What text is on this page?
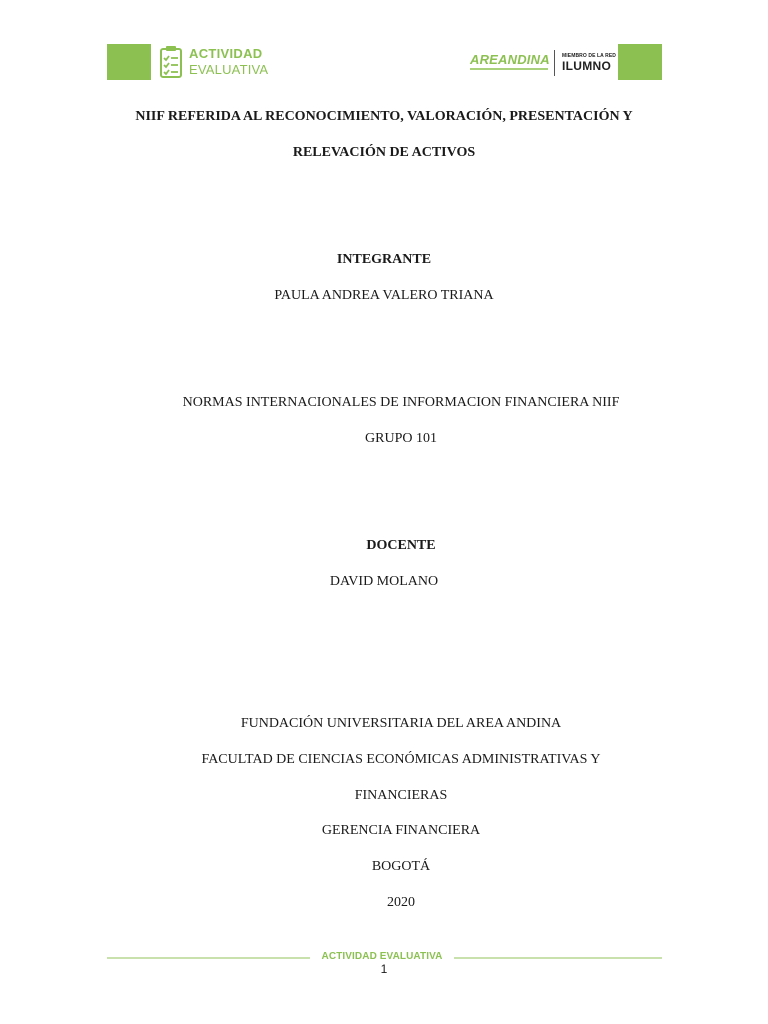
ACTIVIDAD
EVALUATIVA
AREANDINA MIEMBRO DE LA RED
ILUMNO
NIIF REFERIDA AL RECONOCIMIENTO, VALORACIÓN, PRESENTACIÓN Y
RELEVACIÓN DE ACTIVOS
INTEGRANTE
PAULA ANDREA VALERO TRIANA
NORMAS INTERNACIONALES DE INFORMACION FINANCIERA NIIF
GRUPO 101
DOCENTE
DAVID MOLANO
FUNDACIÓN UNIVERSITARIA DEL AREA ANDINA
FACULTAD DE CIENCIAS ECONÓMICAS ADMINISTRATIVAS Y
FINANCIERAS
GERENCIA FINANCIERA
BOGOTÁ
2020
ACTIVIDAD EVALUATIVA
1
